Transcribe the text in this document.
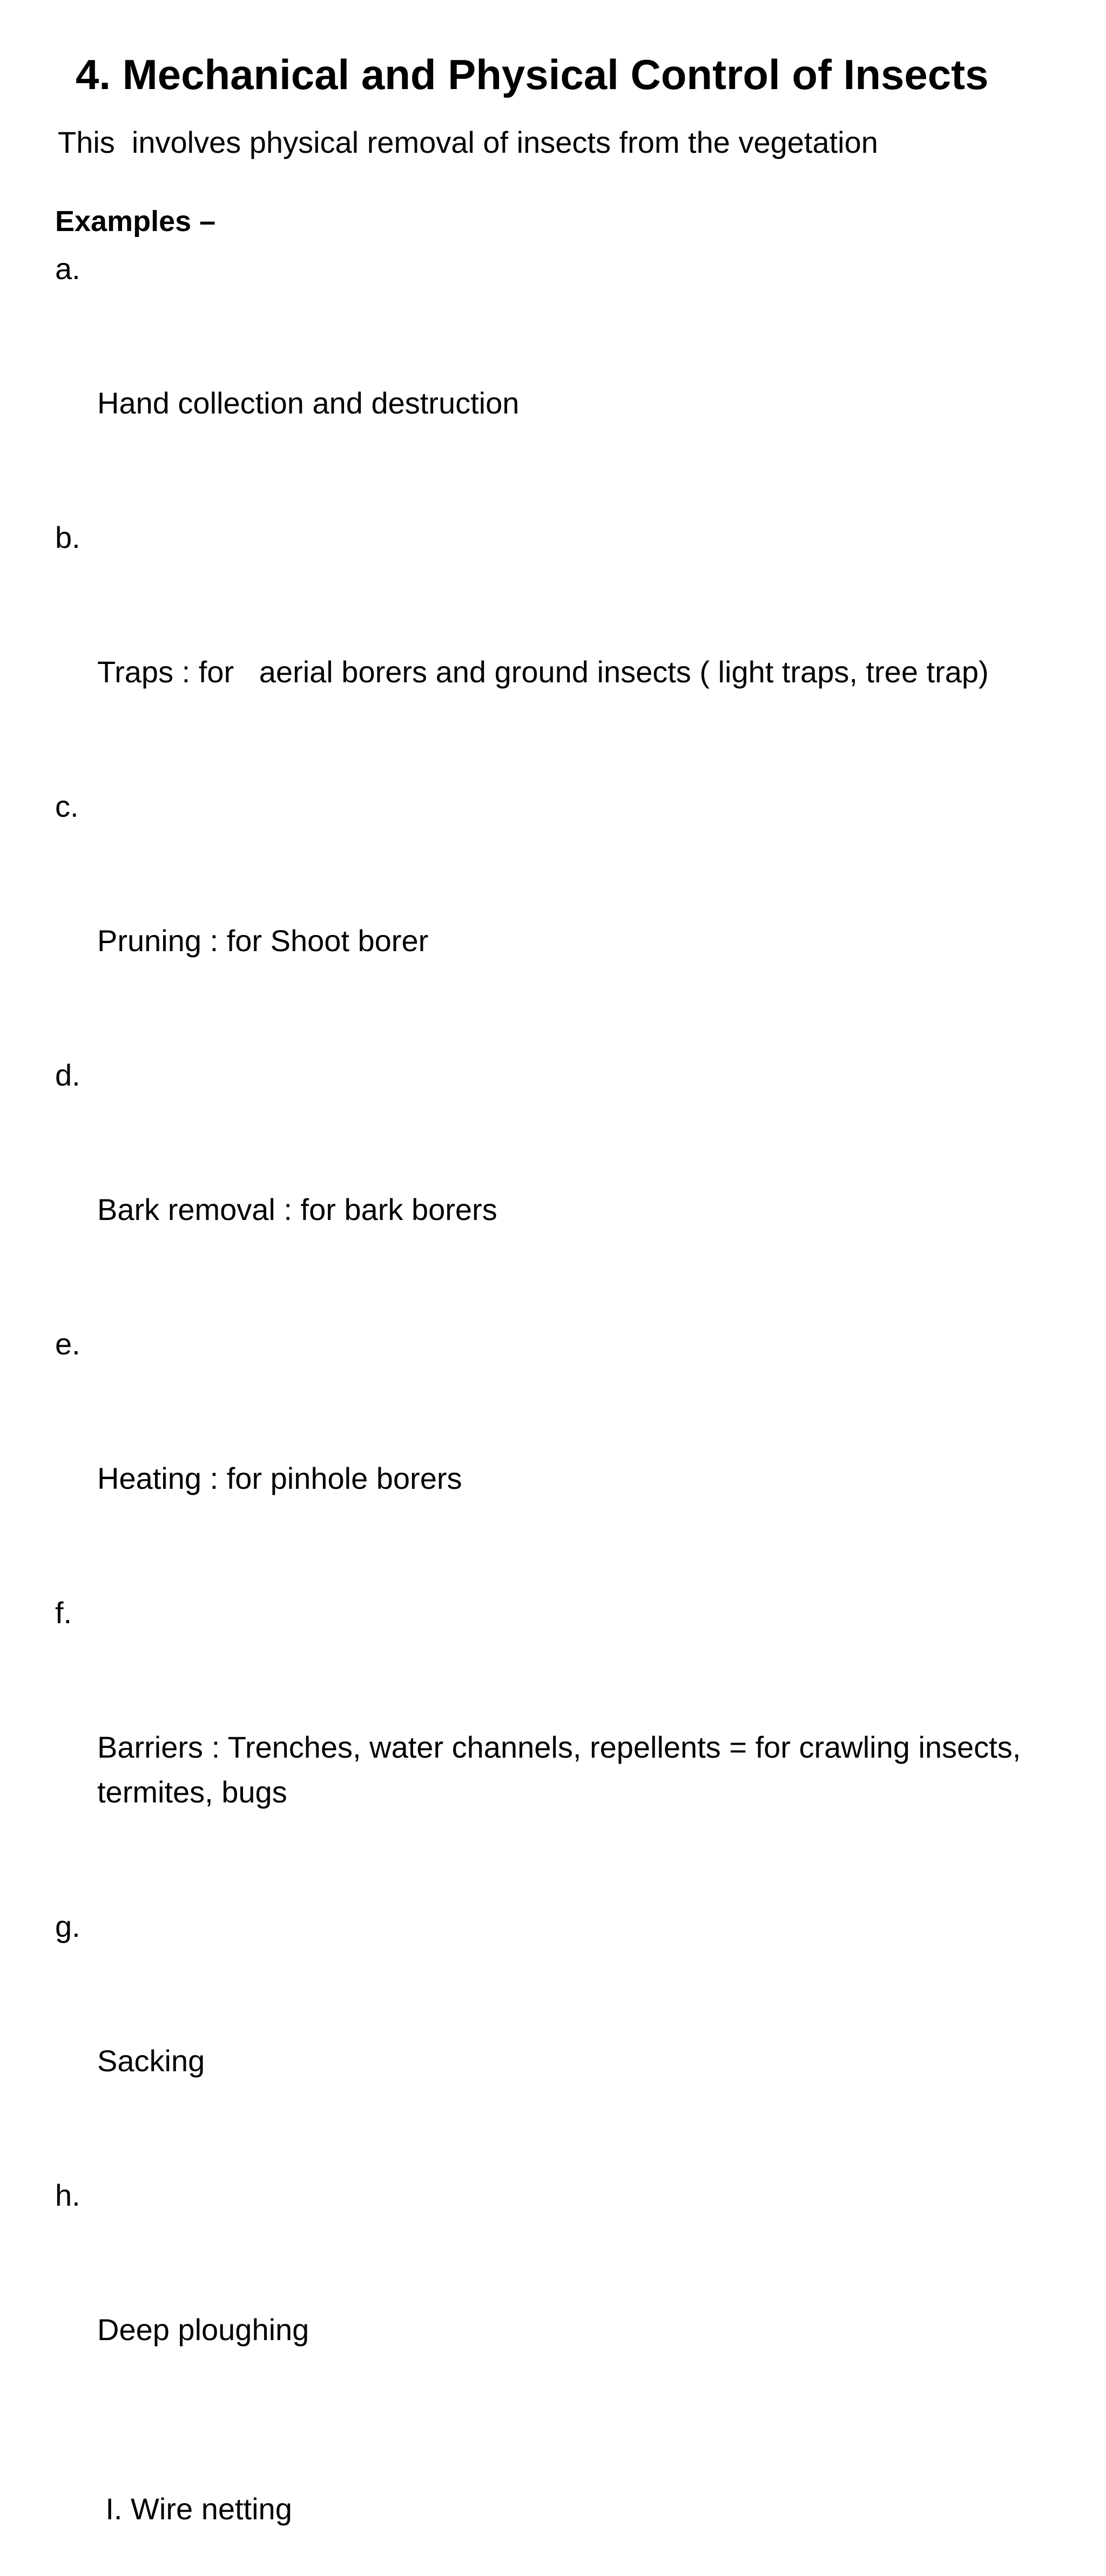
4. Mechanical and Physical Control of Insects
This  involves physical removal of insects from the vegetation
Examples –

a.

Hand collection and destruction

b.

Traps : for   aerial borers and ground insects ( light traps, tree trap)

c.

Pruning : for Shoot borer

d.

Bark removal : for bark borers

e.

Heating : for pinhole borers

f.

Barriers : Trenches, water channels, repellents = for crawling insects, termites, bugs

g.

Sacking

h.

Deep ploughing

I. Wire netting
